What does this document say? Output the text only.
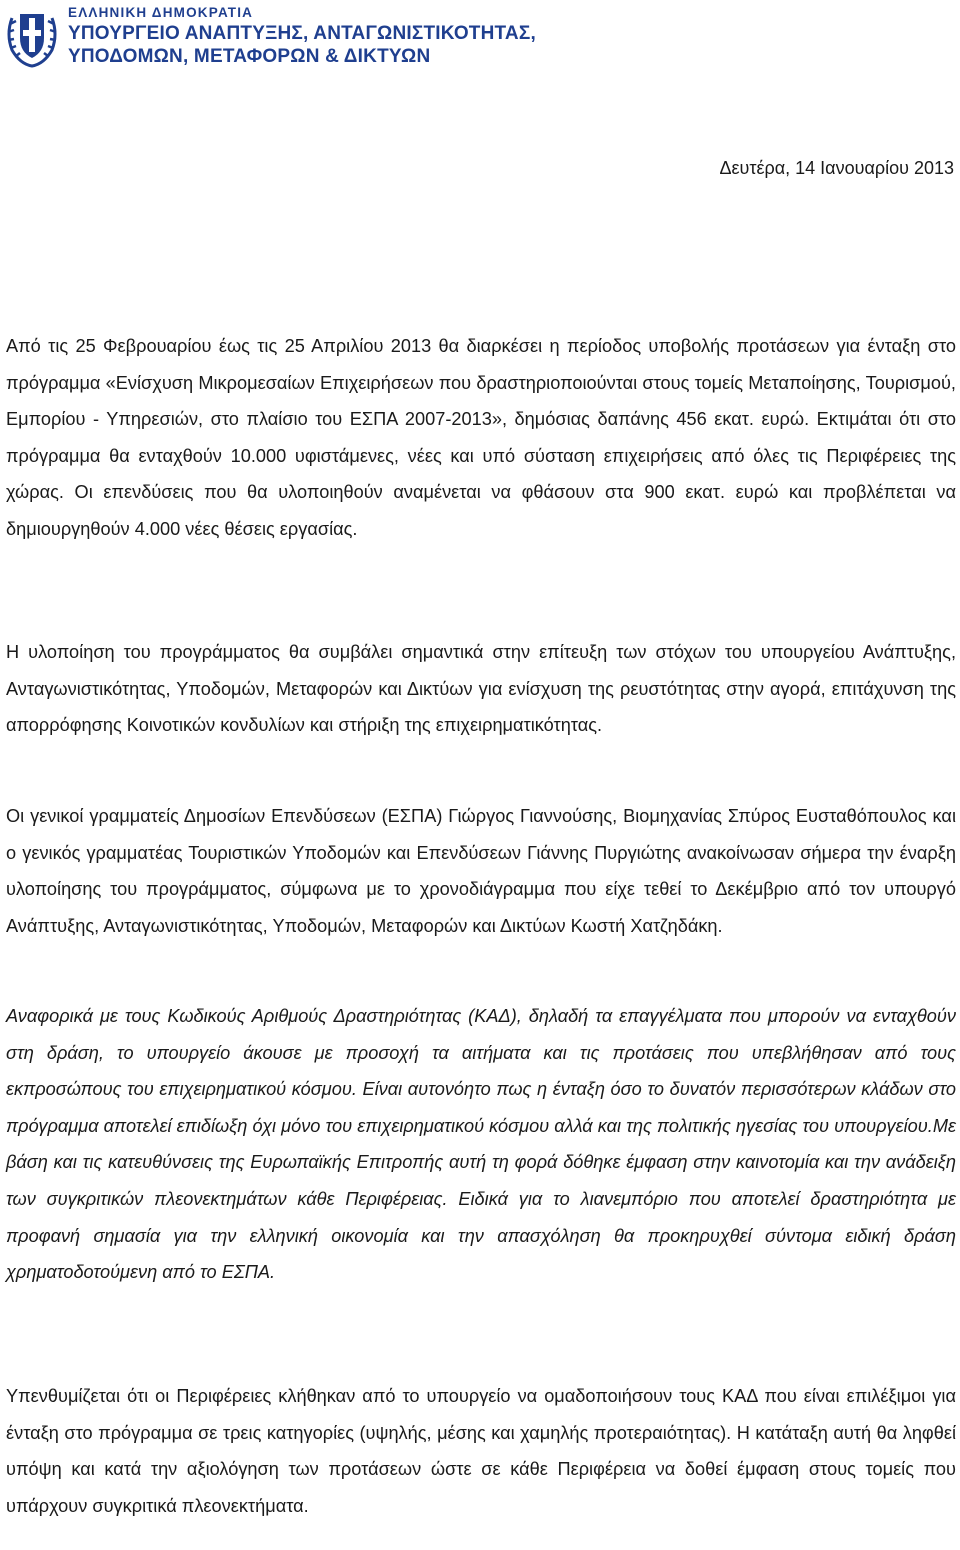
ΕΛΛΗΝΙΚΗ ΔΗΜΟΚΡΑΤΙΑ
ΥΠΟΥΡΓΕΙΟ ΑΝΑΠΤΥΞΗΣ, ΑΝΤΑΓΩΝΙΣΤΙΚΟΤΗΤΑΣ,
ΥΠΟΔΟΜΩΝ, ΜΕΤΑΦΟΡΩΝ & ΔΙΚΤΥΩΝ
Δευτέρα, 14 Ιανουαρίου 2013

Από τις 25 Φεβρουαρίου έως τις 25 Απριλίου 2013 θα διαρκέσει η περίοδος υποβολής προτάσεων για ένταξη στο πρόγραμμα «Ενίσχυση Μικρομεσαίων Επιχειρήσεων που δραστηριοποιούνται στους τομείς Μεταποίησης, Τουρισμού, Εμπορίου - Υπηρεσιών, στο πλαίσιο του ΕΣΠΑ 2007-2013», δημόσιας δαπάνης 456 εκατ. ευρώ. Εκτιμάται ότι στο πρόγραμμα θα ενταχθούν 10.000 υφιστάμενες, νέες και υπό σύσταση επιχειρήσεις από όλες τις Περιφέρειες της χώρας. Οι επενδύσεις που θα υλοποιηθούν αναμένεται να φθάσουν στα 900 εκατ. ευρώ και προβλέπεται να δημιουργηθούν 4.000 νέες θέσεις εργασίας.

Η υλοποίηση του προγράμματος θα συμβάλει σημαντικά στην επίτευξη των στόχων του υπουργείου Ανάπτυξης, Ανταγωνιστικότητας, Υποδομών, Μεταφορών και Δικτύων για ενίσχυση της ρευστότητας στην αγορά, επιτάχυνση της απορρόφησης Κοινοτικών κονδυλίων και στήριξη της επιχειρηματικότητας.

Οι γενικοί γραμματείς Δημοσίων Επενδύσεων (ΕΣΠΑ) Γιώργος Γιαννούσης, Βιομηχανίας Σπύρος Ευσταθόπουλος και ο γενικός γραμματέας Τουριστικών Υποδομών και Επενδύσεων Γιάννης Πυργιώτης ανακοίνωσαν σήμερα την έναρξη υλοποίησης του προγράμματος, σύμφωνα με το χρονοδιάγραμμα που είχε τεθεί το Δεκέμβριο από τον υπουργό Ανάπτυξης, Ανταγωνιστικότητας, Υποδομών, Μεταφορών και Δικτύων Κωστή Χατζηδάκη.

Αναφορικά με τους Κωδικούς Αριθμούς Δραστηριότητας (ΚΑΔ), δηλαδή τα επαγγέλματα που μπορούν να ενταχθούν στη δράση, το υπουργείο άκουσε με προσοχή τα αιτήματα και τις προτάσεις που υπεβλήθησαν από τους εκπροσώπους του επιχειρηματικού κόσμου. Είναι αυτονόητο πως η ένταξη όσο το δυνατόν περισσότερων κλάδων στο πρόγραμμα αποτελεί επιδίωξη όχι μόνο του επιχειρηματικού κόσμου αλλά και της πολιτικής ηγεσίας του υπουργείου.Με βάση και τις κατευθύνσεις της Ευρωπαϊκής Επιτροπής αυτή τη φορά δόθηκε έμφαση στην καινοτομία και την ανάδειξη των συγκριτικών πλεονεκτημάτων κάθε Περιφέρειας. Ειδικά για το λιανεμπόριο που αποτελεί δραστηριότητα με προφανή σημασία για την ελληνική οικονομία και την απασχόληση θα προκηρυχθεί σύντομα ειδική δράση χρηματοδοτούμενη από το ΕΣΠΑ.

Υπενθυμίζεται ότι οι Περιφέρειες κλήθηκαν από το υπουργείο να ομαδοποιήσουν τους ΚΑΔ που είναι επιλέξιμοι για ένταξη στο πρόγραμμα σε τρεις κατηγορίες (υψηλής, μέσης και χαμηλής προτεραιότητας). Η κατάταξη αυτή θα ληφθεί υπόψη και κατά την αξιολόγηση των προτάσεων ώστε σε κάθε Περιφέρεια να δοθεί έμφαση στους τομείς που υπάρχουν συγκριτικά πλεονεκτήματα.
